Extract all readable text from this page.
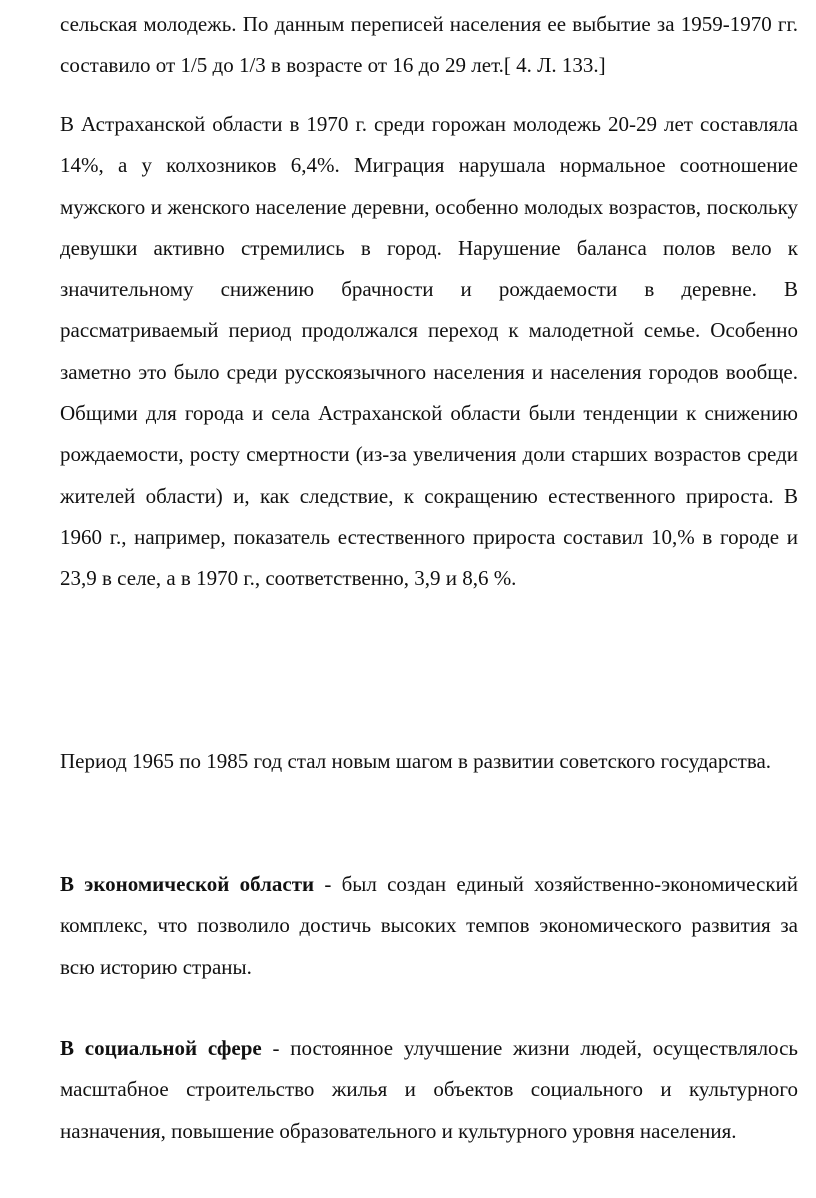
сельская молодежь. По данным переписей населения ее выбытие за 1959-1970 гг. составило от 1/5 до 1/3 в возрасте от 16 до 29 лет.[ 4. Л. 133.]

В Астраханской области в 1970 г. среди горожан молодежь 20-29 лет составляла 14%, а у колхозников 6,4%. Миграция нарушала нормальное соотношение мужского и женского население деревни, особенно молодых возрастов, поскольку девушки активно стремились в город. Нарушение баланса полов вело к значительному снижению брачности и рождаемости в деревне. В рассматриваемый период продолжался переход к малодетной семье. Особенно заметно это было среди русскоязычного населения и населения городов вообще. Общими для города и села Астраханской области были тенденции к снижению рождаемости, росту смертности (из-за увеличения доли старших возрастов среди жителей области) и, как следствие, к сокращению естественного прироста. В 1960 г., например, показатель естественного прироста составил 10,% в городе и 23,9 в селе, а в 1970 г., соответственно, 3,9 и 8,6 %.

Период 1965 по 1985 год стал новым шагом в развитии советского государства.

В экономической области - был создан единый хозяйственно-экономический комплекс, что позволило достичь высоких темпов экономического развития за всю историю страны.

В социальной сфере - постоянное улучшение жизни людей, осуществлялось масштабное строительство жилья и объектов социального и культурного назначения, повышение образовательного и культурного уровня населения.
